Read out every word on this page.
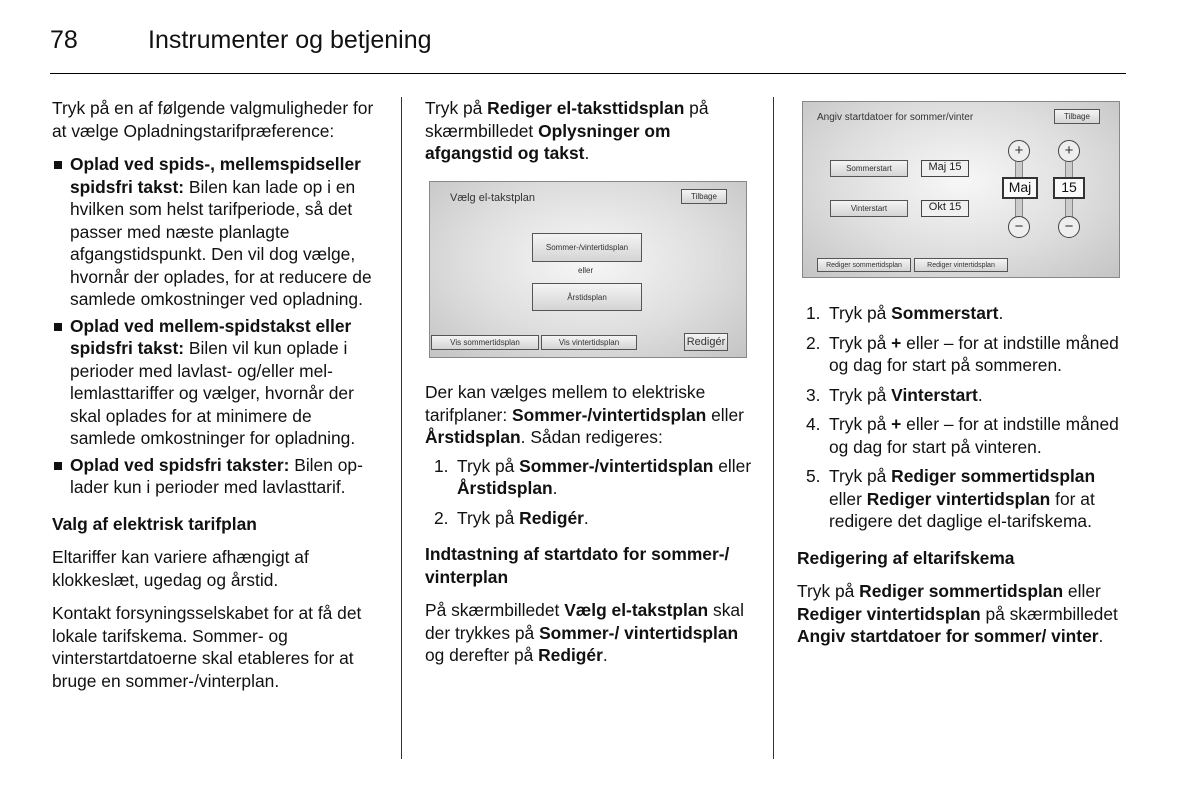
78	Instrumenter og betjening

Tryk på en af følgende valgmuligheder for at vælge Opladningstarifpræference:

Oplad ved spids-, mellemspidseller spidsfri takst: Bilen kan lade op i en hvilken som helst tarifperiode, så det passer med næste planlagte afgangstidspunkt. Den vil dog vælge, hvornår der oplades, for at reducere de samlede omkostninger ved opladning.
Oplad ved mellem-spidstakst eller spidsfri takst: Bilen vil kun oplade i perioder med lavlast- og/eller mellemlasttariffer og vælger, hvornår der skal oplades for at minimere de samlede omkostninger for opladning.
Oplad ved spidsfri takster: Bilen oplader kun i perioder med lavlasttarif.

Valg af elektrisk tarifplan

Eltariffer kan variere afhængigt af klokkeslæt, ugedag og årstid.

Kontakt forsyningsselskabet for at få det lokale tarifskema. Sommer- og vinterstartdatoerne skal etableres for at bruge en sommer-/vinterplan.

Tryk på Rediger el-taksttidsplan på skærmbilledet Oplysninger om afgangstid og takst.

Vælg el-takstplan	Tilbage
Sommer-/vintertidsplan
eller
Årstidsplan
Vis sommertidsplan	Vis vintertidsplan	Redigér

Der kan vælges mellem to elektriske tarifplaner: Sommer-/vintertidsplan eller Årstidsplan. Sådan redigeres:

1. Tryk på Sommer-/vintertidsplan eller Årstidsplan.
2. Tryk på Redigér.

Indtastning af startdato for sommer-/ vinterplan

På skærmbilledet Vælg el-takstplan skal der trykkes på Sommer-/ vintertidsplan og derefter på Redigér.

Angiv startdatoer for sommer/vinter	Tilbage
Sommerstart	Maj 15
Vinterstart	Okt 15
+
Maj
−
+
15
−
Rediger sommertidsplan	Rediger vintertidsplan
1. Tryk på Sommerstart.
2. Tryk på + eller – for at indstille måned og dag for start på sommeren.
3. Tryk på Vinterstart.
4. Tryk på + eller – for at indstille måned og dag for start på vinteren.
5. Tryk på Rediger sommertidsplan eller Rediger vintertidsplan for at redigere det daglige el-tarifskema.

Redigering af eltarifskema

Tryk på Rediger sommertidsplan eller Rediger vintertidsplan på skærmbilledet Angiv startdatoer for sommer/ vinter.
